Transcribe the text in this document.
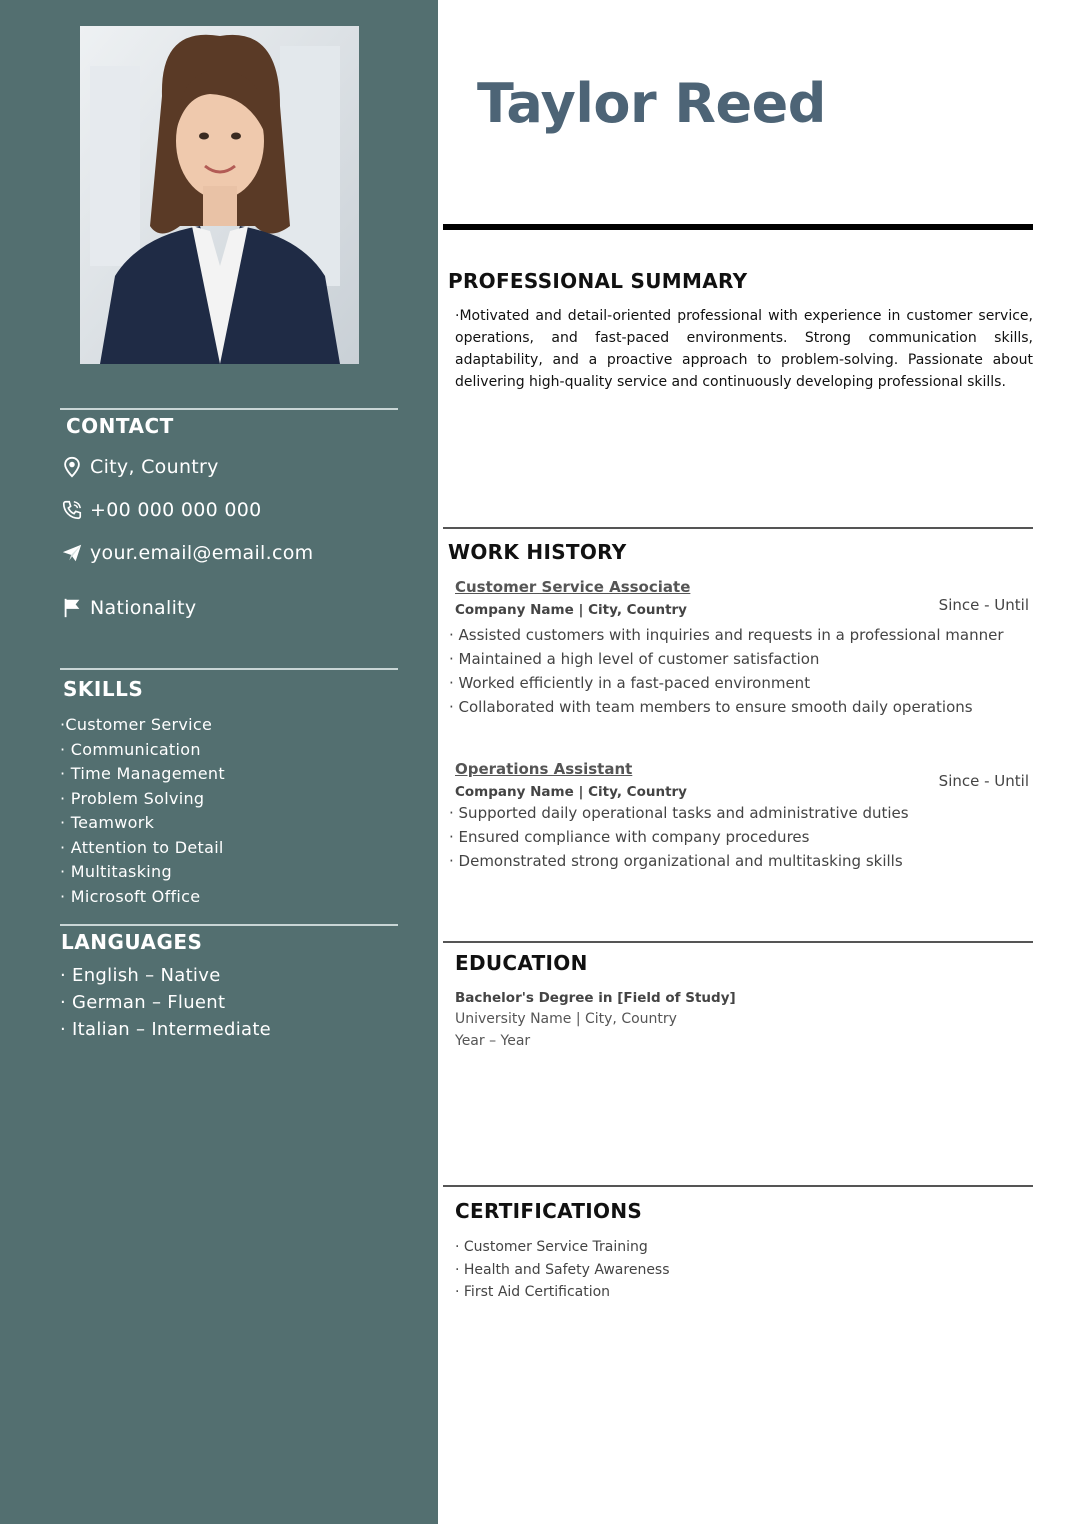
CONTACT
City, Country
+00 000 000 000
your.email@email.com
Nationality
SKILLS
·Customer Service
· Communication
· Time Management
· Problem Solving
· Teamwork
· Attention to Detail
· Multitasking
· Microsoft Office
LANGUAGES
· English – Native
· German – Fluent
· Italian – Intermediate
Taylor Reed
PROFESSIONAL SUMMARY

·Motivated and detail-oriented professional with experience in customer service, operations, and fast-paced environments. Strong communication skills, adaptability, and a proactive approach to problem-solving. Passionate about delivering high-quality service and continuously developing professional skills.

WORK HISTORY
Customer Service Associate
Company Name | City, Country	Since - Until
· Assisted customers with inquiries and requests in a professional manner
· Maintained a high level of customer satisfaction
· Worked efficiently in a fast-paced environment
· Collaborated with team members to ensure smooth daily operations
Operations Assistant
Company Name | City, Country
Since - Until
· Supported daily operational tasks and administrative duties
· Ensured compliance with company procedures
· Demonstrated strong organizational and multitasking skills
EDUCATION
Bachelor's Degree in [Field of Study]
University Name | City, Country
Year – Year
CERTIFICATIONS
· Customer Service Training
· Health and Safety Awareness
· First Aid Certification
